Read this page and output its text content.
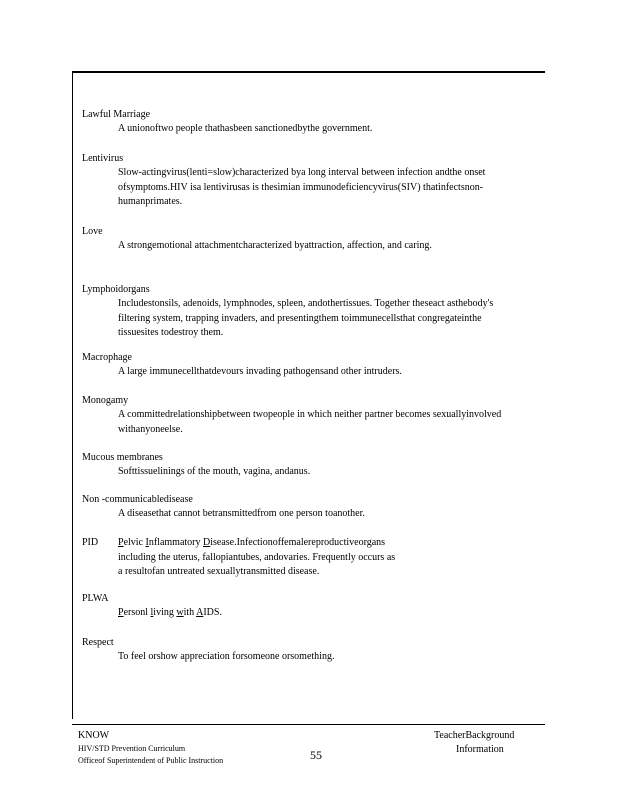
Lawful Marriage
A unionoftwo people thathasbeen sanctionedbythe government.
Lentivirus
Slow-actingvirus(lenti=slow)characterized bya long interval between infection andthe onset ofsymptoms.HIV isa lentivirusas is thesimian immunodeficiencyvirus(SIV) thatinfectsnon-humanprimates.
Love
A strongemotional attachmentcharacterized byattraction, affection, and caring.
Lymphoidorgans
Includestonsils, adenoids, lymphnodes, spleen, andothertissues. Together theseact asthebody's filtering system, trapping invaders, and presentingthem toimmunecellsthat congregateinthe tissuesites todestroy them.
Macrophage
A large immunecellthatdevours invading pathogensand other intruders.
Monogamy
A committedrelationshipbetween twopeople in which neither partner becomes sexuallyinvolved withanyoneelse.
Mucous membranes
Softtissuelinings of the mouth, vagina, andanus.
Non -communicabledisease
A diseasethat cannot betransmittedfrom one person toanother.
PID Pelvic Inflammatory Disease.Infectionoffemalereproductiveorgans
including the uterus, fallopiantubes, andovaries. Frequently occurs as
a resultofan untreated sexuallytransmitted disease.
PLWA
Personl living with AIDS.
Respect
To feel orshow appreciation forsomeone orsomething.
KNOW
HIV/STD Prevention Curriculum
Officeof Superintendent of Public Instruction	55
TeacherBackground
Information
